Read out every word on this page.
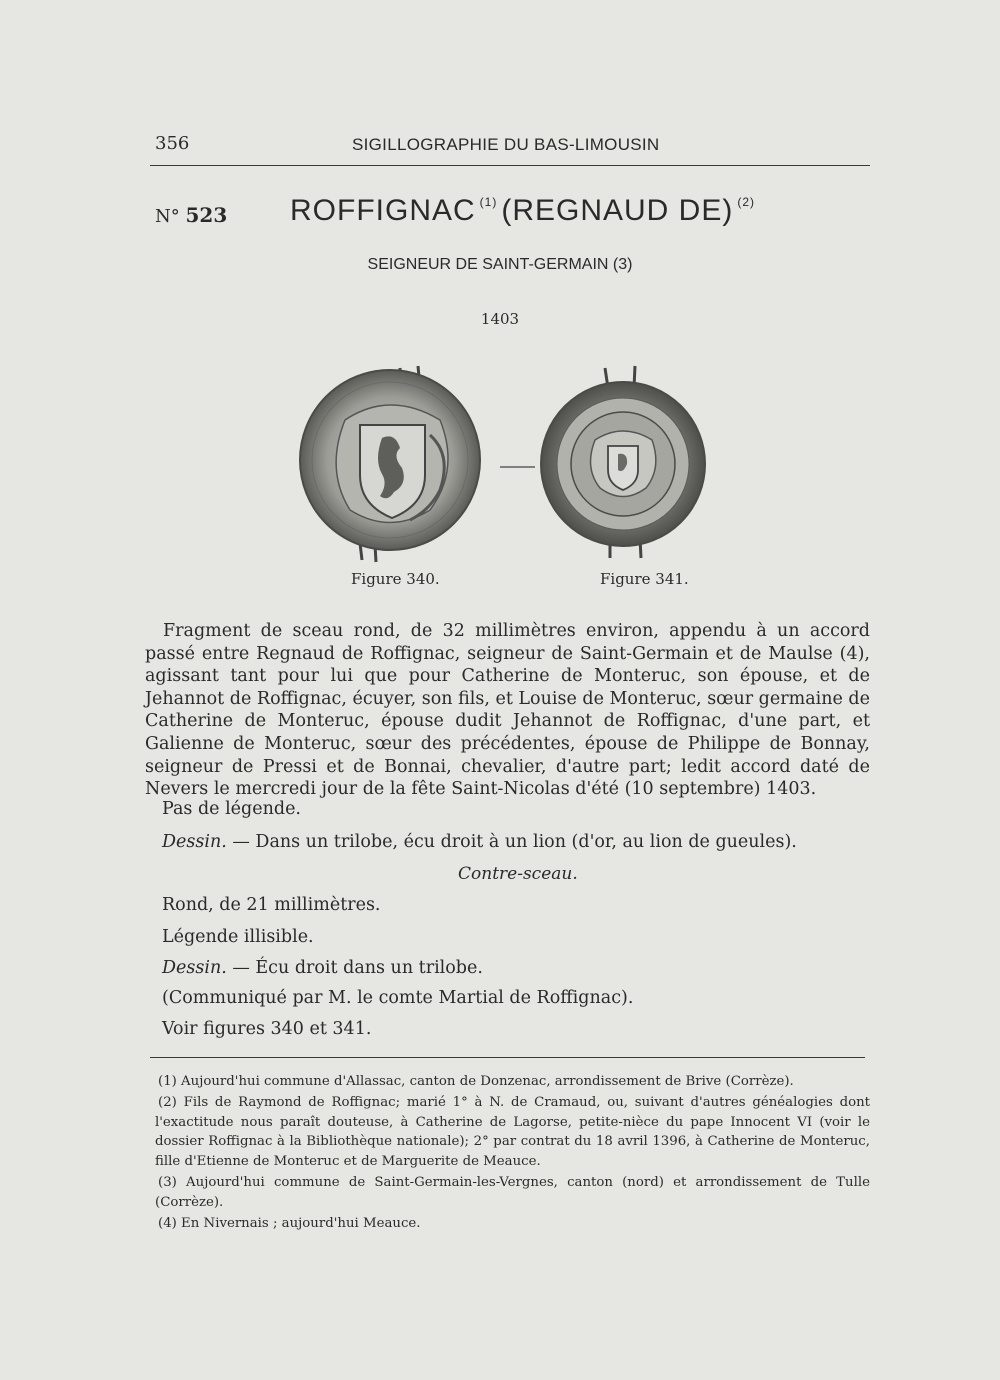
356	SIGILLOGRAPHIE DU BAS-LIMOUSIN
N° 523 ROFFIGNAC $^{(1)}$ (REGNAUD DE) $^{(2)}$
SEIGNEUR DE SAINT-GERMAIN (3)
1403
Figure 340.	Figure 341.
Fragment de sceau rond, de 32 millimètres environ, appendu à un accord passé entre Regnaud de Roffignac, seigneur de Saint-Germain et de Maulse (4), agissant tant pour lui que pour Catherine de Monteruc, son épouse, et de Jehannot de Roffignac, écuyer, son fils, et Louise de Monteruc, sœur germaine de Catherine de Monteruc, épouse dudit Jehannot de Roffignac, d'une part, et Galienne de Monteruc, sœur des précédentes, épouse de Philippe de Bonnay, seigneur de Pressi et de Bonnai, chevalier, d'autre part; ledit accord daté de Nevers le mercredi jour de la fête Saint-Nicolas d'été (10 septembre) 1403.
Pas de légende.
Dessin. — Dans un trilobe, écu droit à un lion (d'or, au lion de gueules).
Contre-sceau.
Rond, de 21 millimètres.
Légende illisible.
Dessin. — Écu droit dans un trilobe.
(Communiqué par M. le comte Martial de Roffignac).
Voir figures 340 et 341.

(1) Aujourd'hui commune d'Allassac, canton de Donzenac, arrondissement de Brive (Corrèze).

(2) Fils de Raymond de Roffignac; marié 1° à N. de Cramaud, ou, suivant d'autres généalogies dont l'exactitude nous paraît douteuse, à Catherine de Lagorse, petite-nièce du pape Innocent VI (voir le dossier Roffignac à la Bibliothèque nationale); 2° par contrat du 18 avril 1396, à Catherine de Monteruc, fille d'Etienne de Monteruc et de Marguerite de Meauce.

(3) Aujourd'hui commune de Saint-Germain-les-Vergnes, canton (nord) et arrondissement de Tulle (Corrèze).

(4) En Nivernais ; aujourd'hui Meauce.
